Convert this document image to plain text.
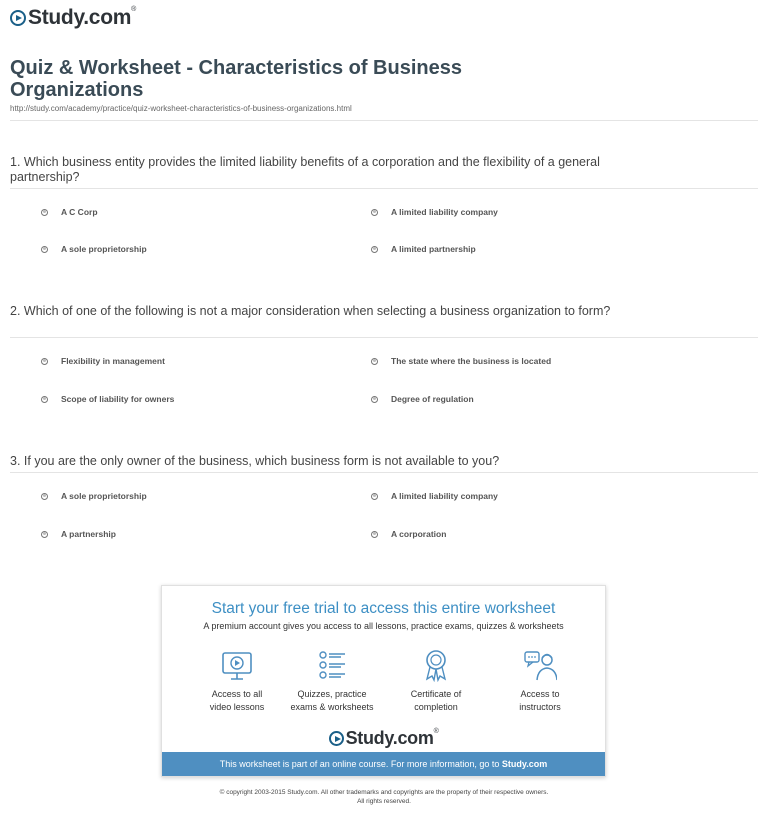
Study.com®
Quiz & Worksheet - Characteristics of Business Organizations
http://study.com/academy/practice/quiz-worksheet-characteristics-of-business-organizations.html
1. Which business entity provides the limited liability benefits of a corporation and the flexibility of a general partnership?
A C Corp	A limited liability company
A sole proprietorship	A limited partnership
2. Which of one of the following is not a major consideration when selecting a business organization to form?
Flexibility in management	The state where the business is located
Scope of liability for owners	Degree of regulation
3. If you are the only owner of the business, which business form is not available to you?
A sole proprietorship	A limited liability company
A partnership	A corporation
Start your free trial to access this entire worksheet
A premium account gives you access to all lessons, practice exams, quizzes & worksheets
Access to all
video lessons
Quizzes, practice
exams & worksheets
Certificate of
completion
Access to
instructors
Study.com®
This worksheet is part of an online course. For more information, go to Study.com
© copyright 2003-2015 Study.com. All other trademarks and copyrights are the property of their respective owners.
All rights reserved.
